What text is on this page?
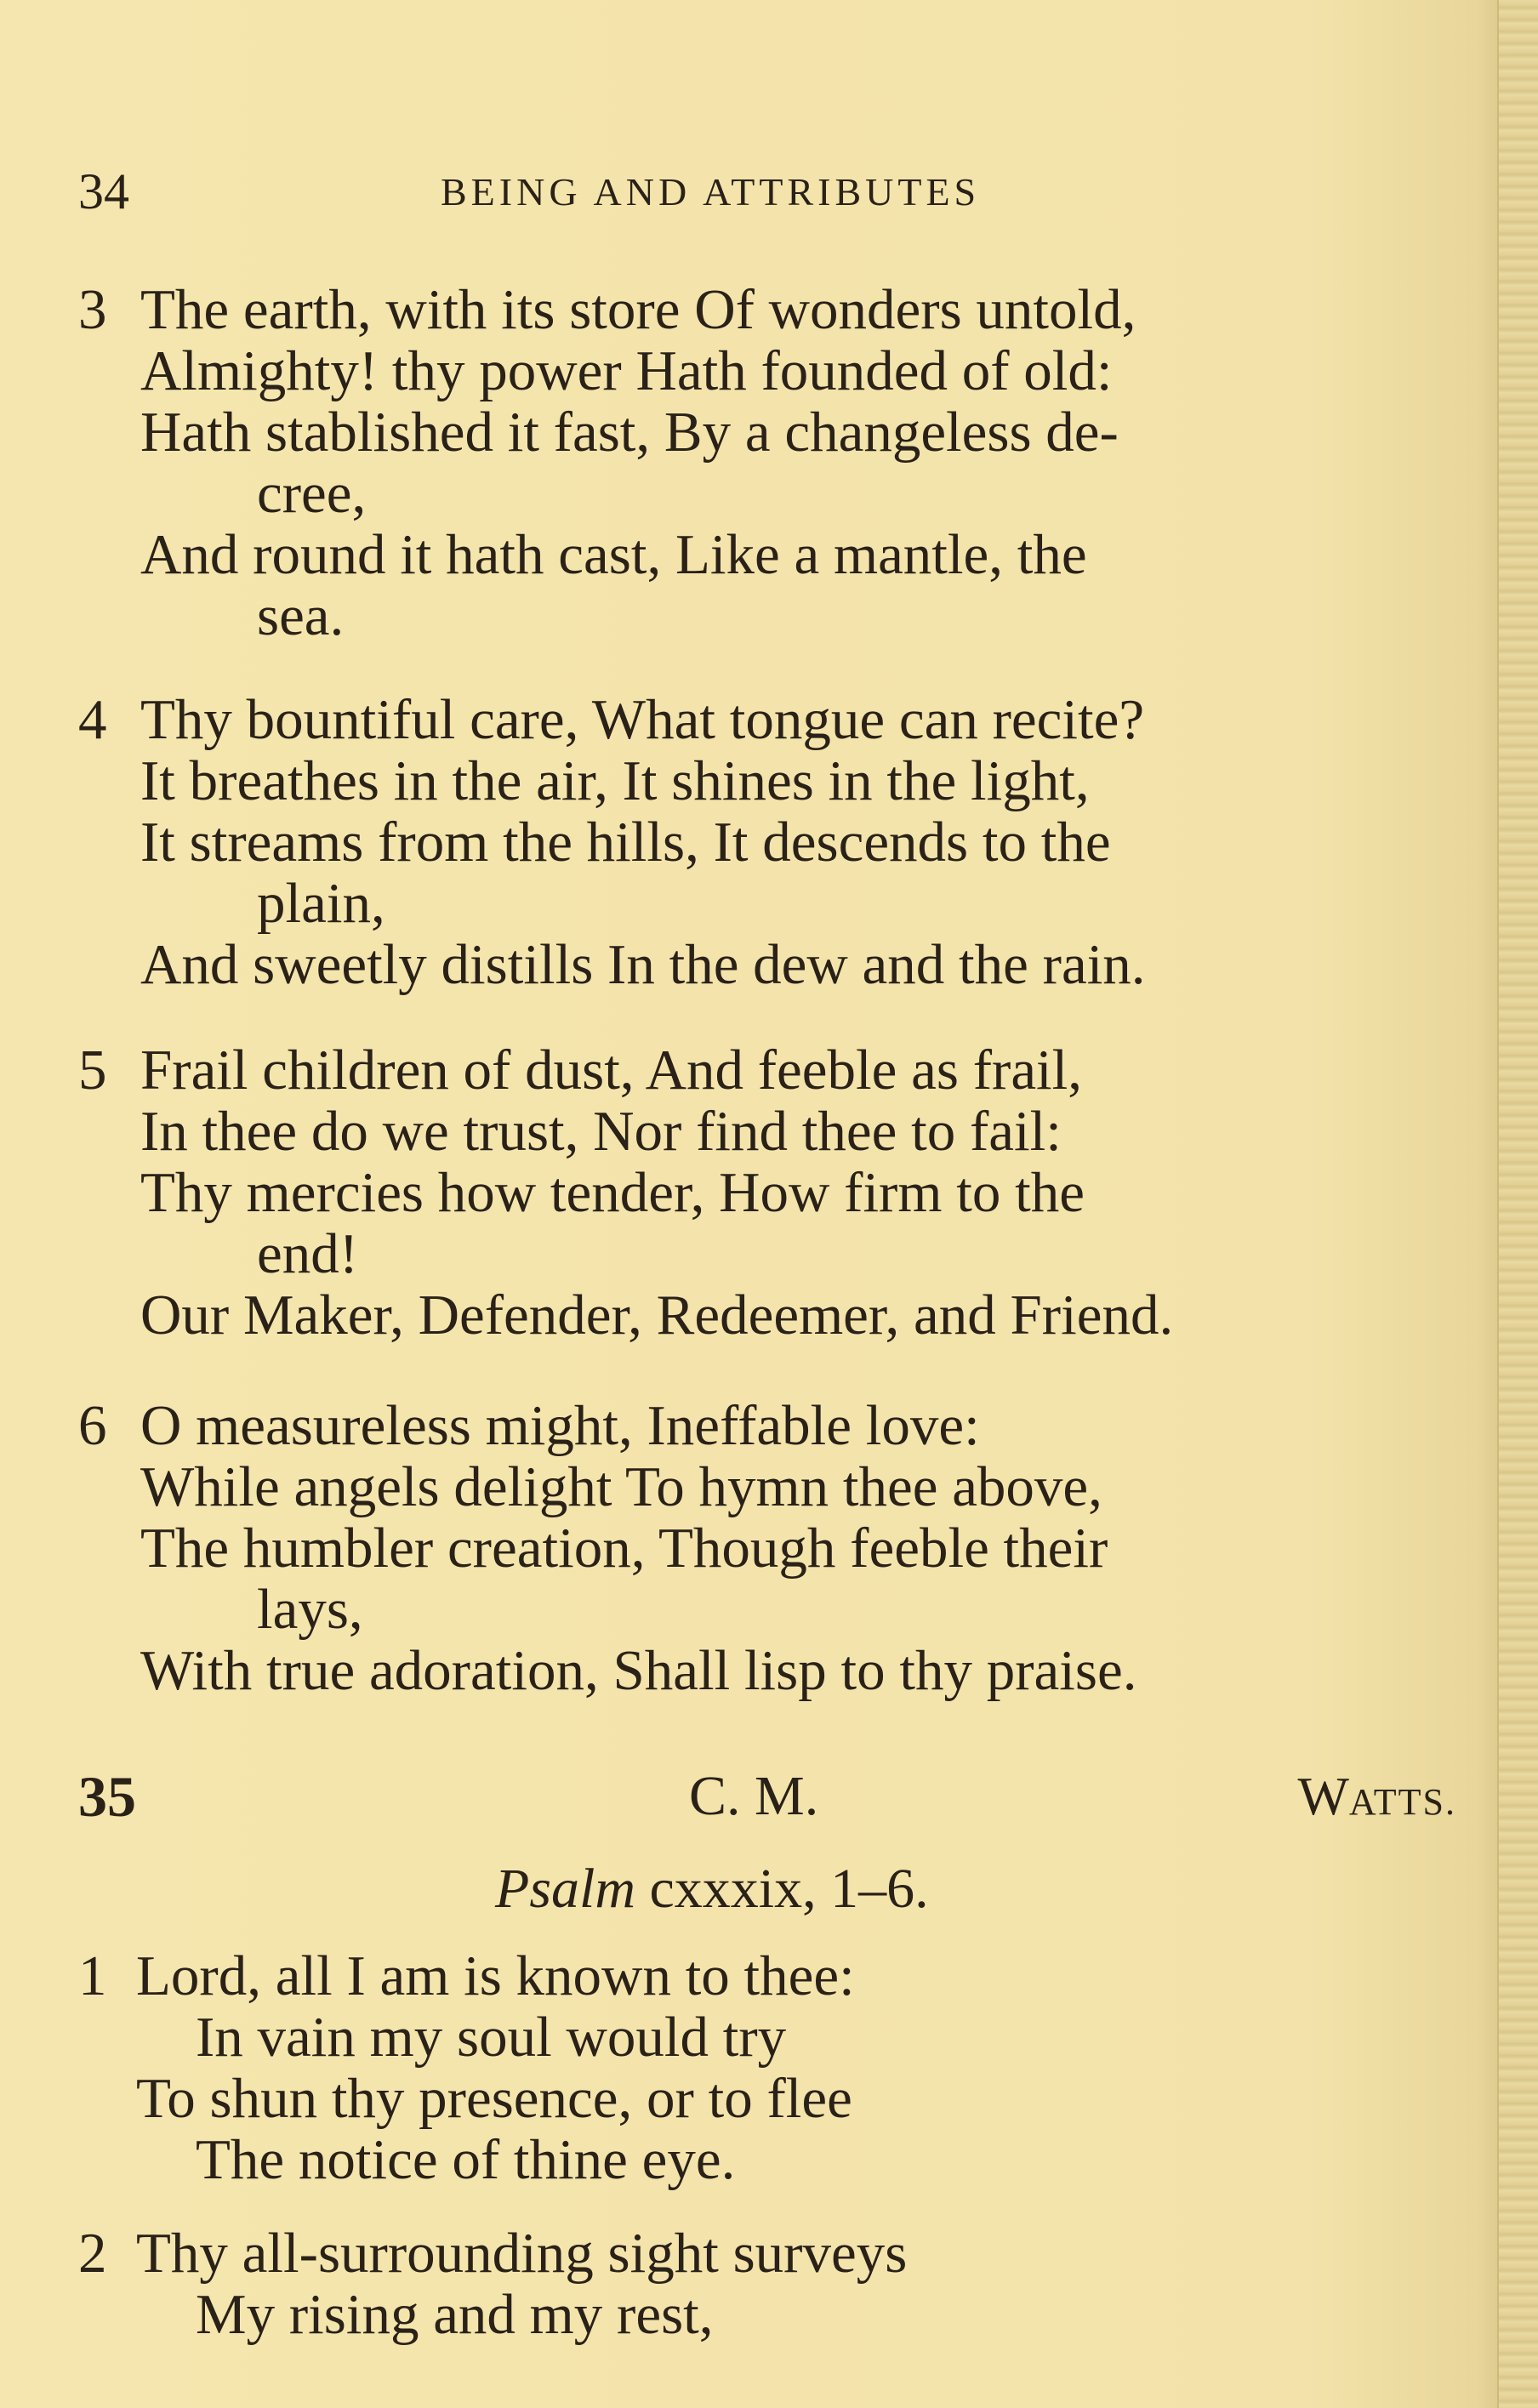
34	BEING AND ATTRIBUTES
3 The earth, with its store Of wonders untold,
Almighty! thy power Hath founded of old:
Hath stablished it fast, By a changeless de-
cree,
And round it hath cast, Like a mantle, the
sea.
4 Thy bountiful care, What tongue can recite?
It breathes in the air, It shines in the light,
It streams from the hills, It descends to the
plain,
And sweetly distills In the dew and the rain.
5 Frail children of dust, And feeble as frail,
In thee do we trust, Nor find thee to fail:
Thy mercies how tender, How firm to the
end!
Our Maker, Defender, Redeemer, and Friend.
6 O measureless might, Ineffable love:
While angels delight To hymn thee above,
The humbler creation, Though feeble their
lays,
With true adoration, Shall lisp to thy praise.
35	C. M.	WATTS.
Psalm cxxxix, 1–6.
1 Lord, all I am is known to thee:
In vain my soul would try
To shun thy presence, or to flee
The notice of thine eye.
2 Thy all-surrounding sight surveys
My rising and my rest,
